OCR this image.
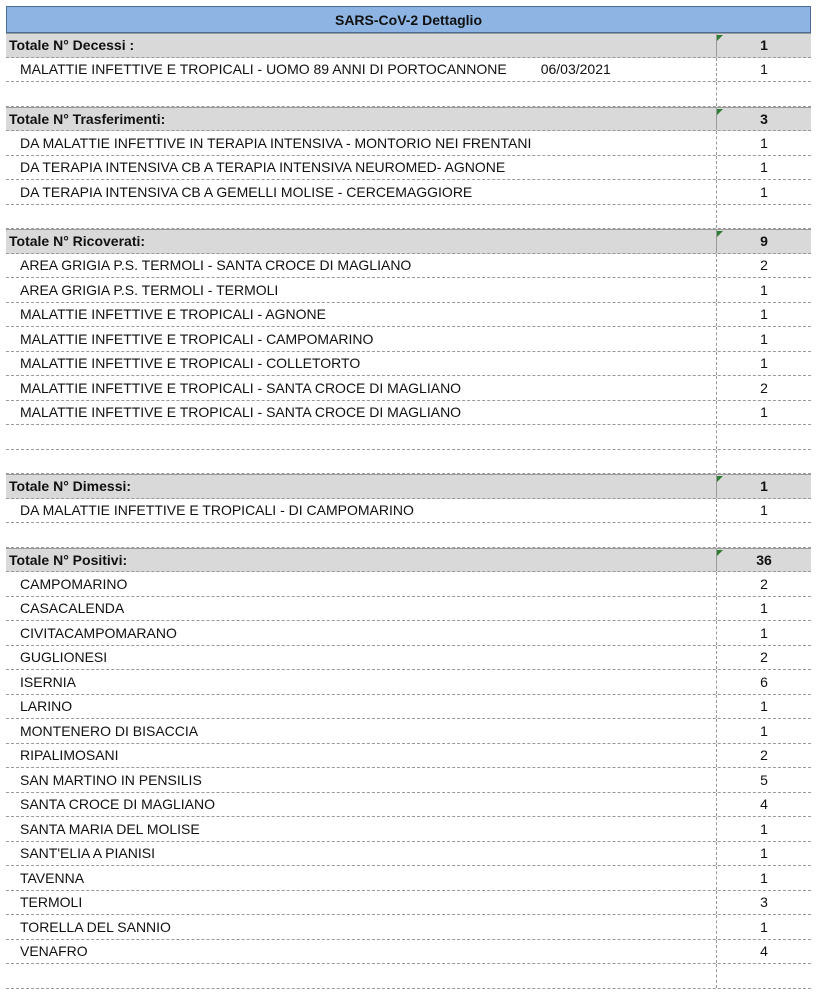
SARS-CoV-2 Dettaglio
Totale N° Decessi :	1
MALATTIE INFETTIVE E TROPICALI - UOMO 89 ANNI DI PORTOCANNONE 06/03/2021	1
Totale N° Trasferimenti:	3
DA MALATTIE INFETTIVE IN TERAPIA INTENSIVA - MONTORIO NEI FRENTANI	1
DA TERAPIA INTENSIVA CB A TERAPIA INTENSIVA NEUROMED- AGNONE	1
DA TERAPIA INTENSIVA CB A GEMELLI MOLISE - CERCEMAGGIORE	1
Totale N° Ricoverati:	9
AREA GRIGIA P.S. TERMOLI - SANTA CROCE DI MAGLIANO	2
AREA GRIGIA P.S. TERMOLI - TERMOLI	1
MALATTIE INFETTIVE E TROPICALI - AGNONE	1
MALATTIE INFETTIVE E TROPICALI - CAMPOMARINO	1
MALATTIE INFETTIVE E TROPICALI - COLLETORTO	1
MALATTIE INFETTIVE E TROPICALI - SANTA CROCE DI MAGLIANO	2
MALATTIE INFETTIVE E TROPICALI - SANTA CROCE DI MAGLIANO	1
Totale N° Dimessi:	1
DA MALATTIE INFETTIVE E TROPICALI - DI CAMPOMARINO	1
Totale N° Positivi:	36
CAMPOMARINO	2
CASACALENDA	1
CIVITACAMPOMARANO	1
GUGLIONESI	2
ISERNIA	6
LARINO	1
MONTENERO DI BISACCIA	1
RIPALIMOSANI	2
SAN MARTINO IN PENSILIS	5
SANTA CROCE DI MAGLIANO	4
SANTA MARIA DEL MOLISE	1
SANT'ELIA A PIANISI	1
TAVENNA	1
TERMOLI	3
TORELLA DEL SANNIO	1
VENAFRO	4
